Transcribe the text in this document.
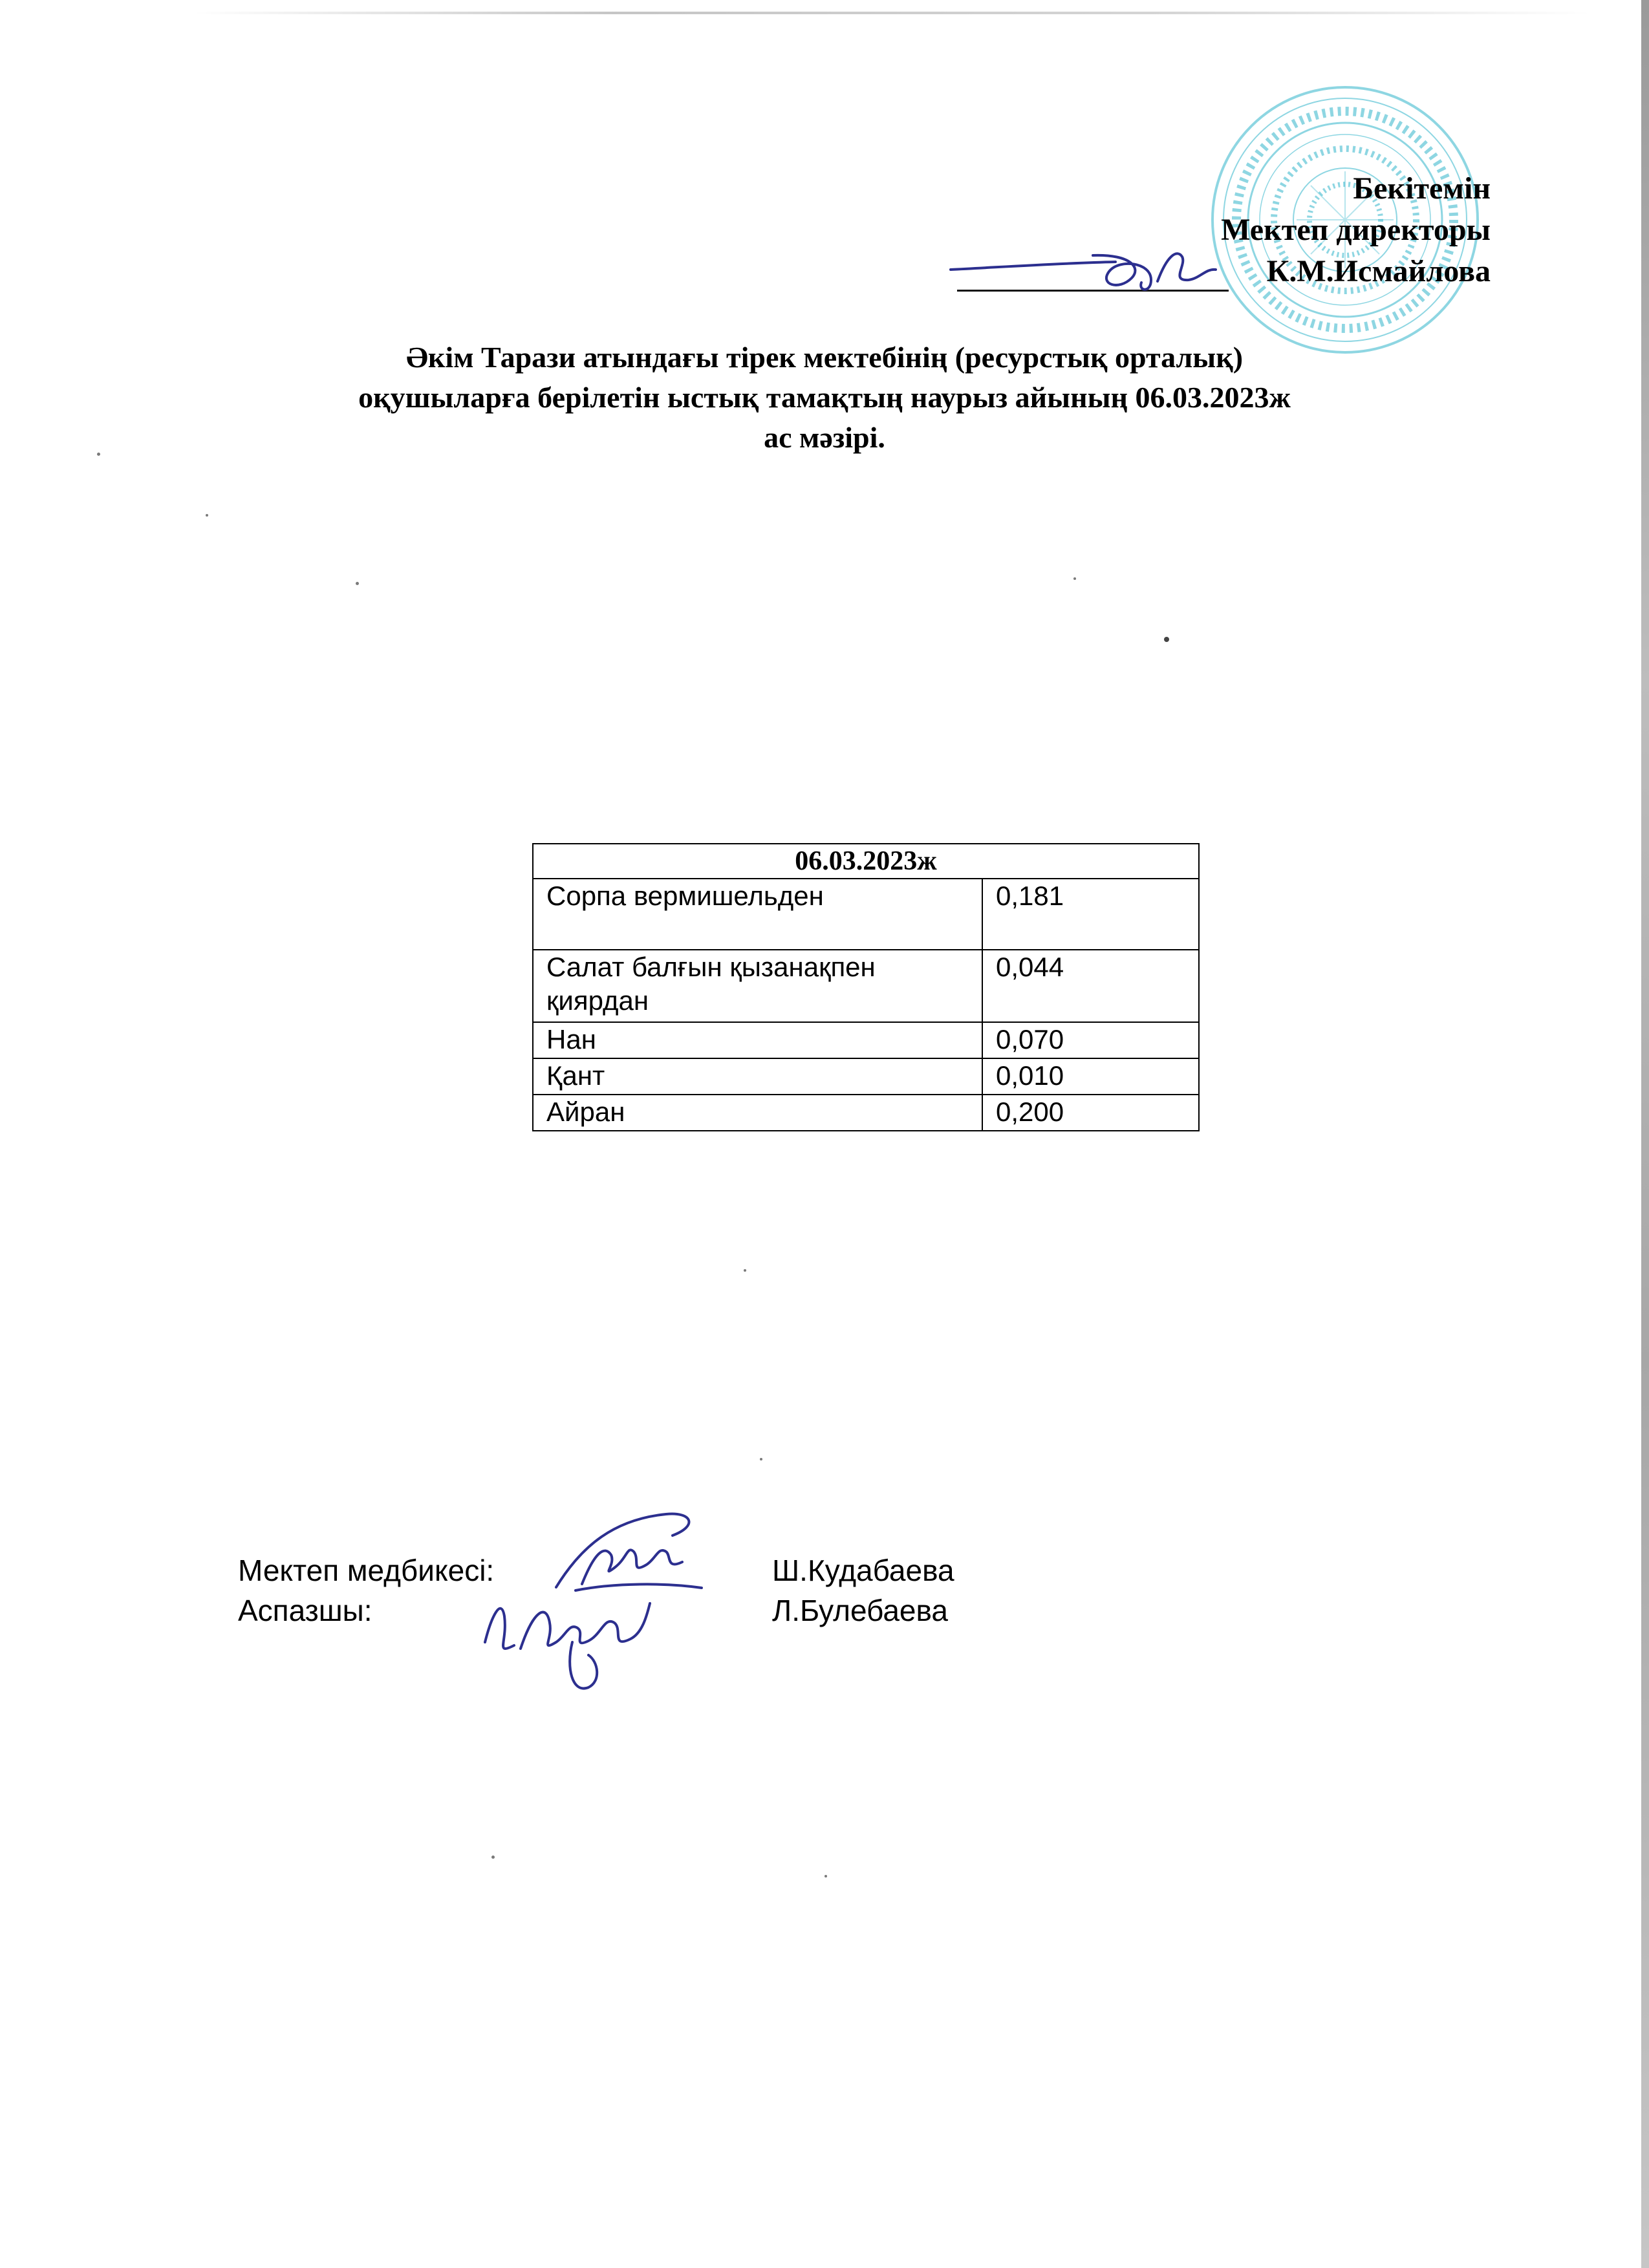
Бекітемін
Мектеп директоры
К.М.Исмайлова
Әкім Тарази атындағы тірек мектебінің (ресурстық орталық)
оқушыларға берілетін ыстық тамақтың наурыз айының 06.03.2023ж
ас мәзірі.
06.03.2023ж	
Сорпа вермишельден	0,181
Салат балғын қызанақпен қиярдан	0,044
Нан	0,070
Қант	0,010
Айран	0,200
Мектеп медбикесі:	Ш.Кудабаева
Аспазшы:	Л.Булебаева
